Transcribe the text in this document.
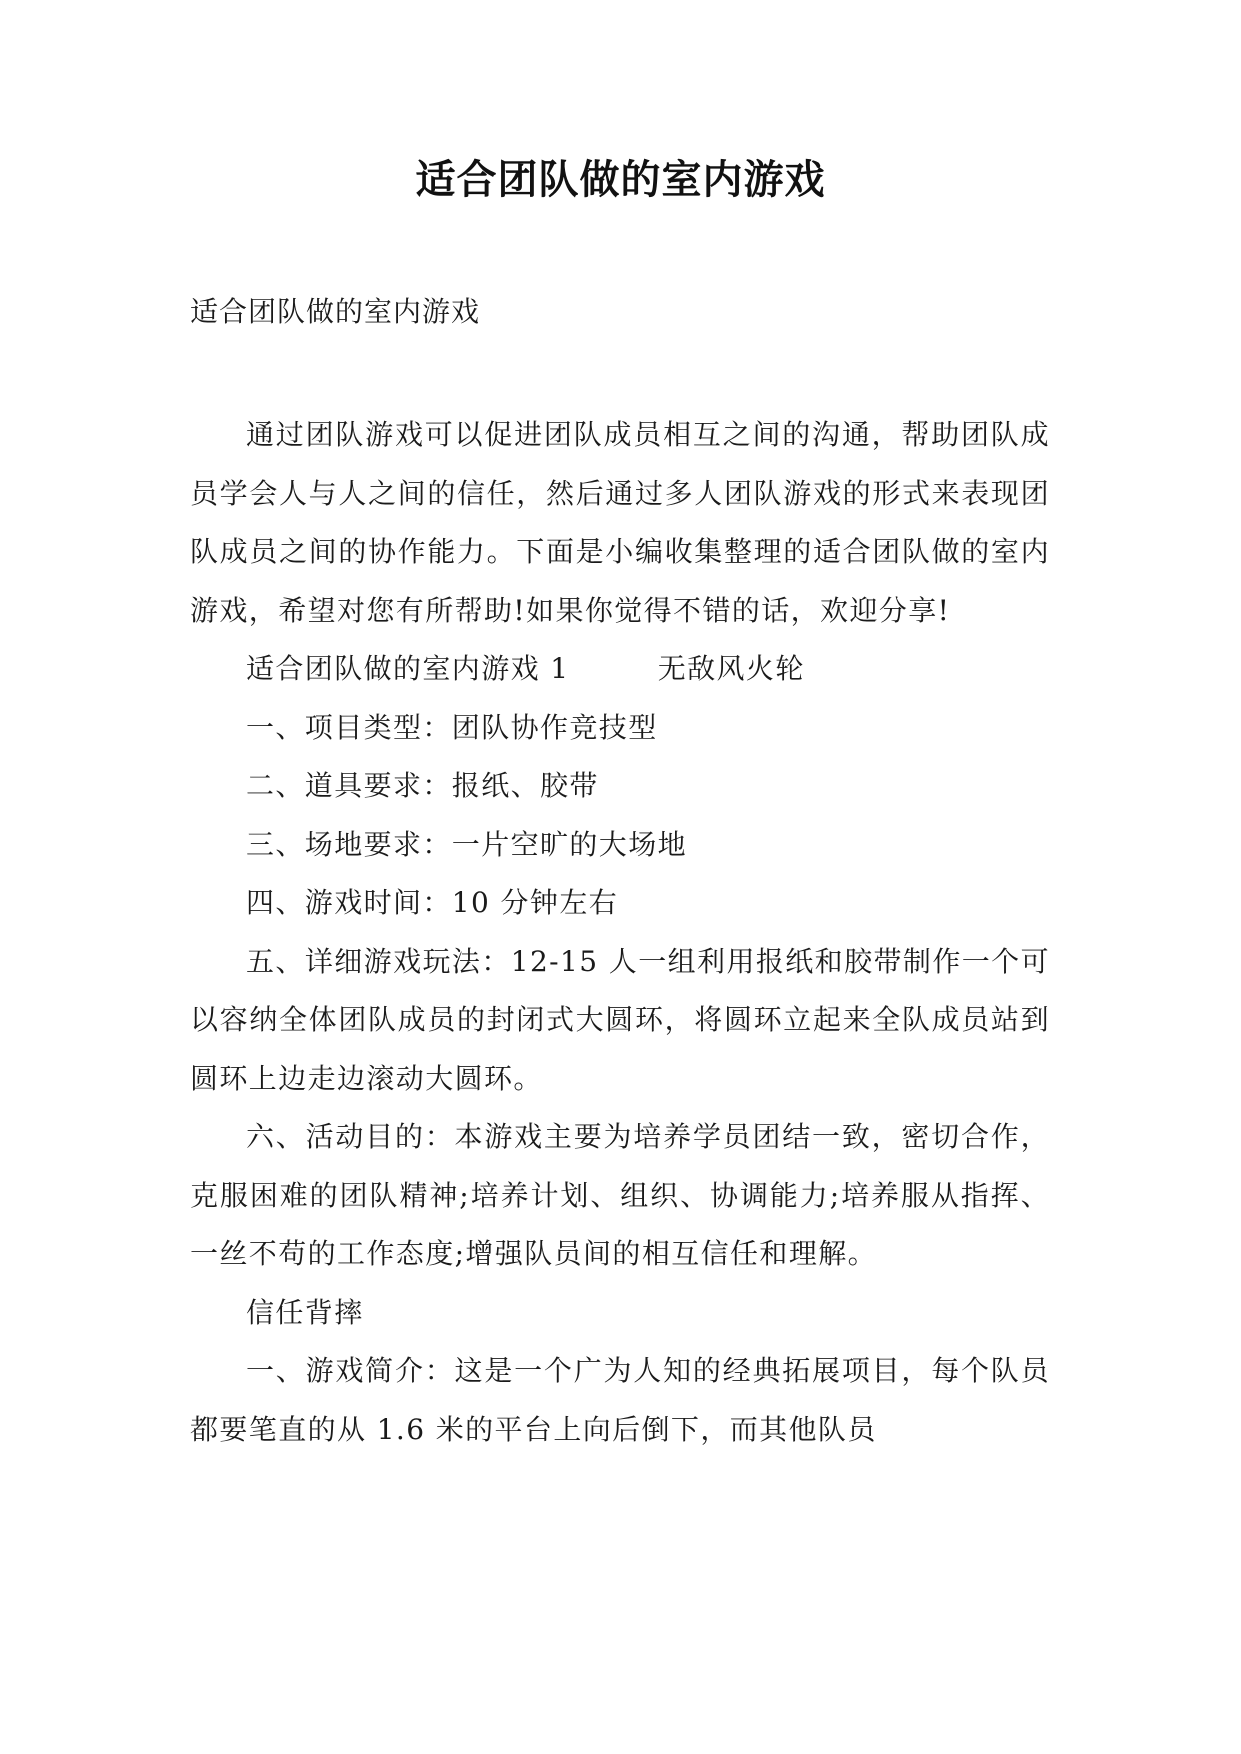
适合团队做的室内游戏
适合团队做的室内游戏

通过团队游戏可以促进团队成员相互之间的沟通，帮助团队成员学会人与人之间的信任，然后通过多人团队游戏的形式来表现团队成员之间的协作能力。下面是小编收集整理的适合团队做的室内游戏，希望对您有所帮助!如果你觉得不错的话，欢迎分享!

适合团队做的室内游戏 1　　　无敌风火轮

一、项目类型：团队协作竞技型

二、道具要求：报纸、胶带

三、场地要求：一片空旷的大场地

四、游戏时间：10 分钟左右

五、详细游戏玩法：12-15 人一组利用报纸和胶带制作一个可以容纳全体团队成员的封闭式大圆环，将圆环立起来全队成员站到圆环上边走边滚动大圆环。

六、活动目的：本游戏主要为培养学员团结一致，密切合作，克服困难的团队精神;培养计划、组织、协调能力;培养服从指挥、一丝不苟的工作态度;增强队员间的相互信任和理解。

信任背摔

一、游戏简介：这是一个广为人知的经典拓展项目，每个队员都要笔直的从 1.6 米的平台上向后倒下，而其他队员
